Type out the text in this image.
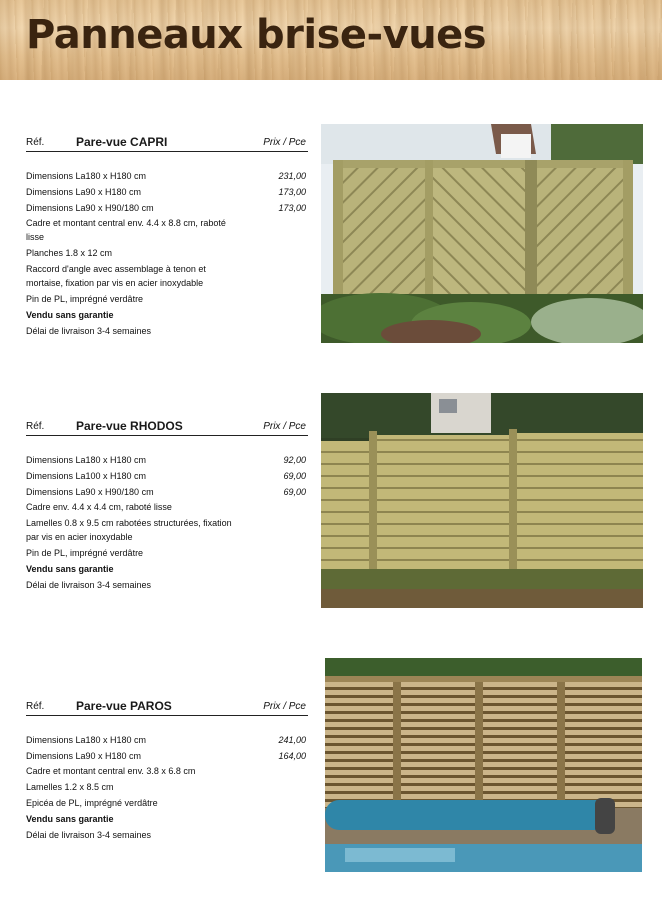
Panneaux brise-vues
Réf.	Pare-vue CAPRI	Prix / Pce
Dimensions La180 x H180 cm	231,00
Dimensions La90 x H180 cm	173,00
Dimensions La90 x H90/180 cm	173,00
Cadre et montant central env. 4.4 x 8.8 cm, raboté lisse
Planches 1.8 x 12 cm
Raccord d'angle avec assemblage à tenon et mortaise, fixation par vis en acier inoxydable
Pin de PL, imprégné verdâtre
Vendu sans garantie
Délai de livraison 3-4 semaines
Réf.	Pare-vue RHODOS	Prix / Pce
Dimensions La180 x H180 cm	92,00
Dimensions La100 x H180 cm	69,00
Dimensions La90 x H90/180 cm	69,00
Cadre env. 4.4 x 4.4 cm, raboté lisse
Lamelles 0.8 x 9.5 cm rabotées structurées, fixation par vis en acier inoxydable
Pin de PL, imprégné verdâtre
Vendu sans garantie
Délai de livraison 3-4 semaines
Réf.	Pare-vue PAROS	Prix / Pce
Dimensions La180 x H180 cm	241,00
Dimensions La90 x H180 cm	164,00
Cadre et montant central env. 3.8 x 6.8 cm
Lamelles 1.2 x 8.5 cm
Epicéa de PL, imprégné verdâtre
Vendu sans garantie
Délai de livraison 3-4 semaines
